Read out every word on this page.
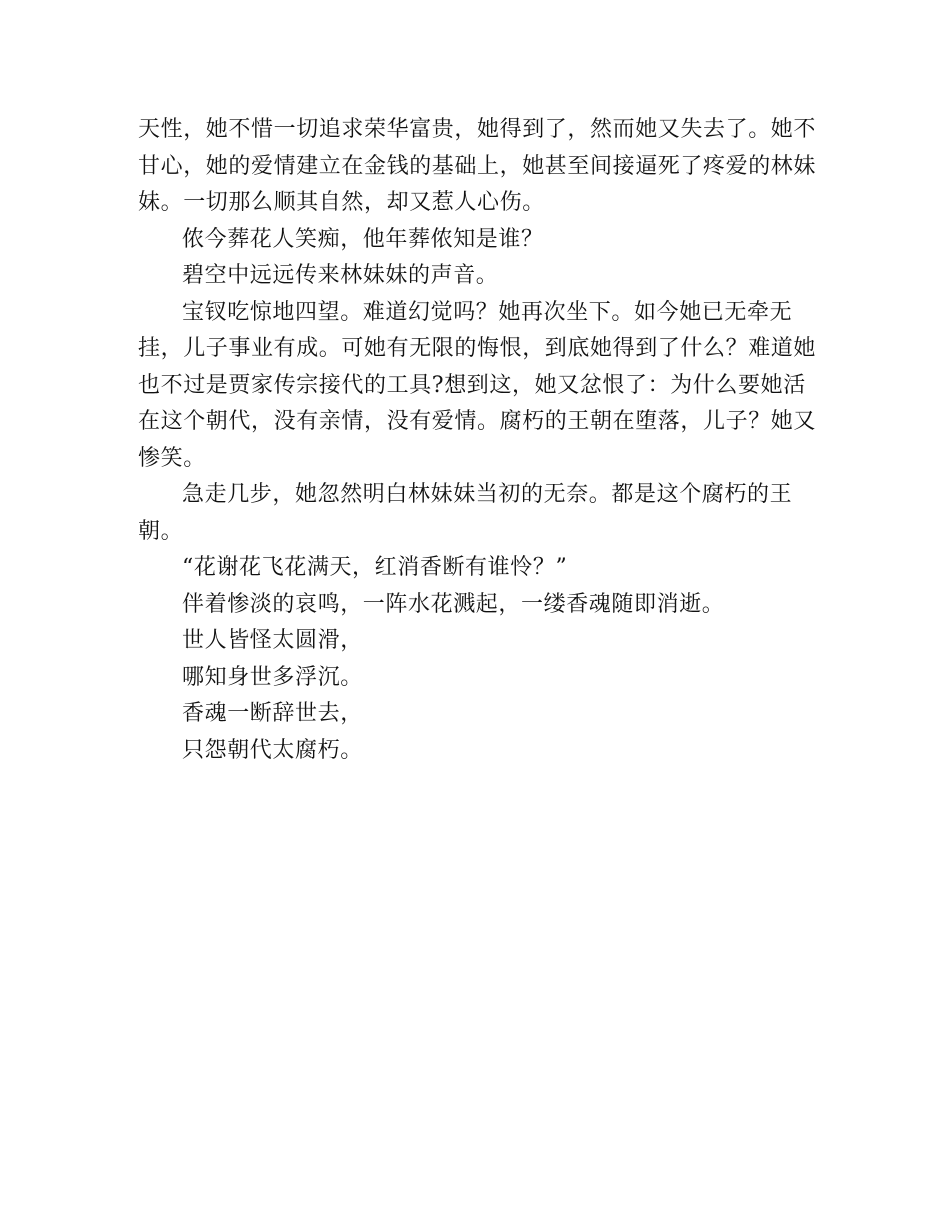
天性，她不惜一切追求荣华富贵，她得到了，然而她又失去了。她不甘心，她的爱情建立在金钱的基础上，她甚至间接逼死了疼爱的林妹妹。一切那么顺其自然，却又惹人心伤。

侬今葬花人笑痴，他年葬侬知是谁？

碧空中远远传来林妹妹的声音。

宝钗吃惊地四望。难道幻觉吗？她再次坐下。如今她已无牵无挂，儿子事业有成。可她有无限的悔恨，到底她得到了什么？难道她也不过是贾家传宗接代的工具?想到这，她又忿恨了：为什么要她活在这个朝代，没有亲情，没有爱情。腐朽的王朝在堕落，儿子？她又惨笑。

急走几步，她忽然明白林妹妹当初的无奈。都是这个腐朽的王朝。

“花谢花飞花满天，红消香断有谁怜？”

伴着惨淡的哀鸣，一阵水花溅起，一缕香魂随即消逝。

世人皆怪太圆滑，

哪知身世多浮沉。

香魂一断辞世去，

只怨朝代太腐朽。
